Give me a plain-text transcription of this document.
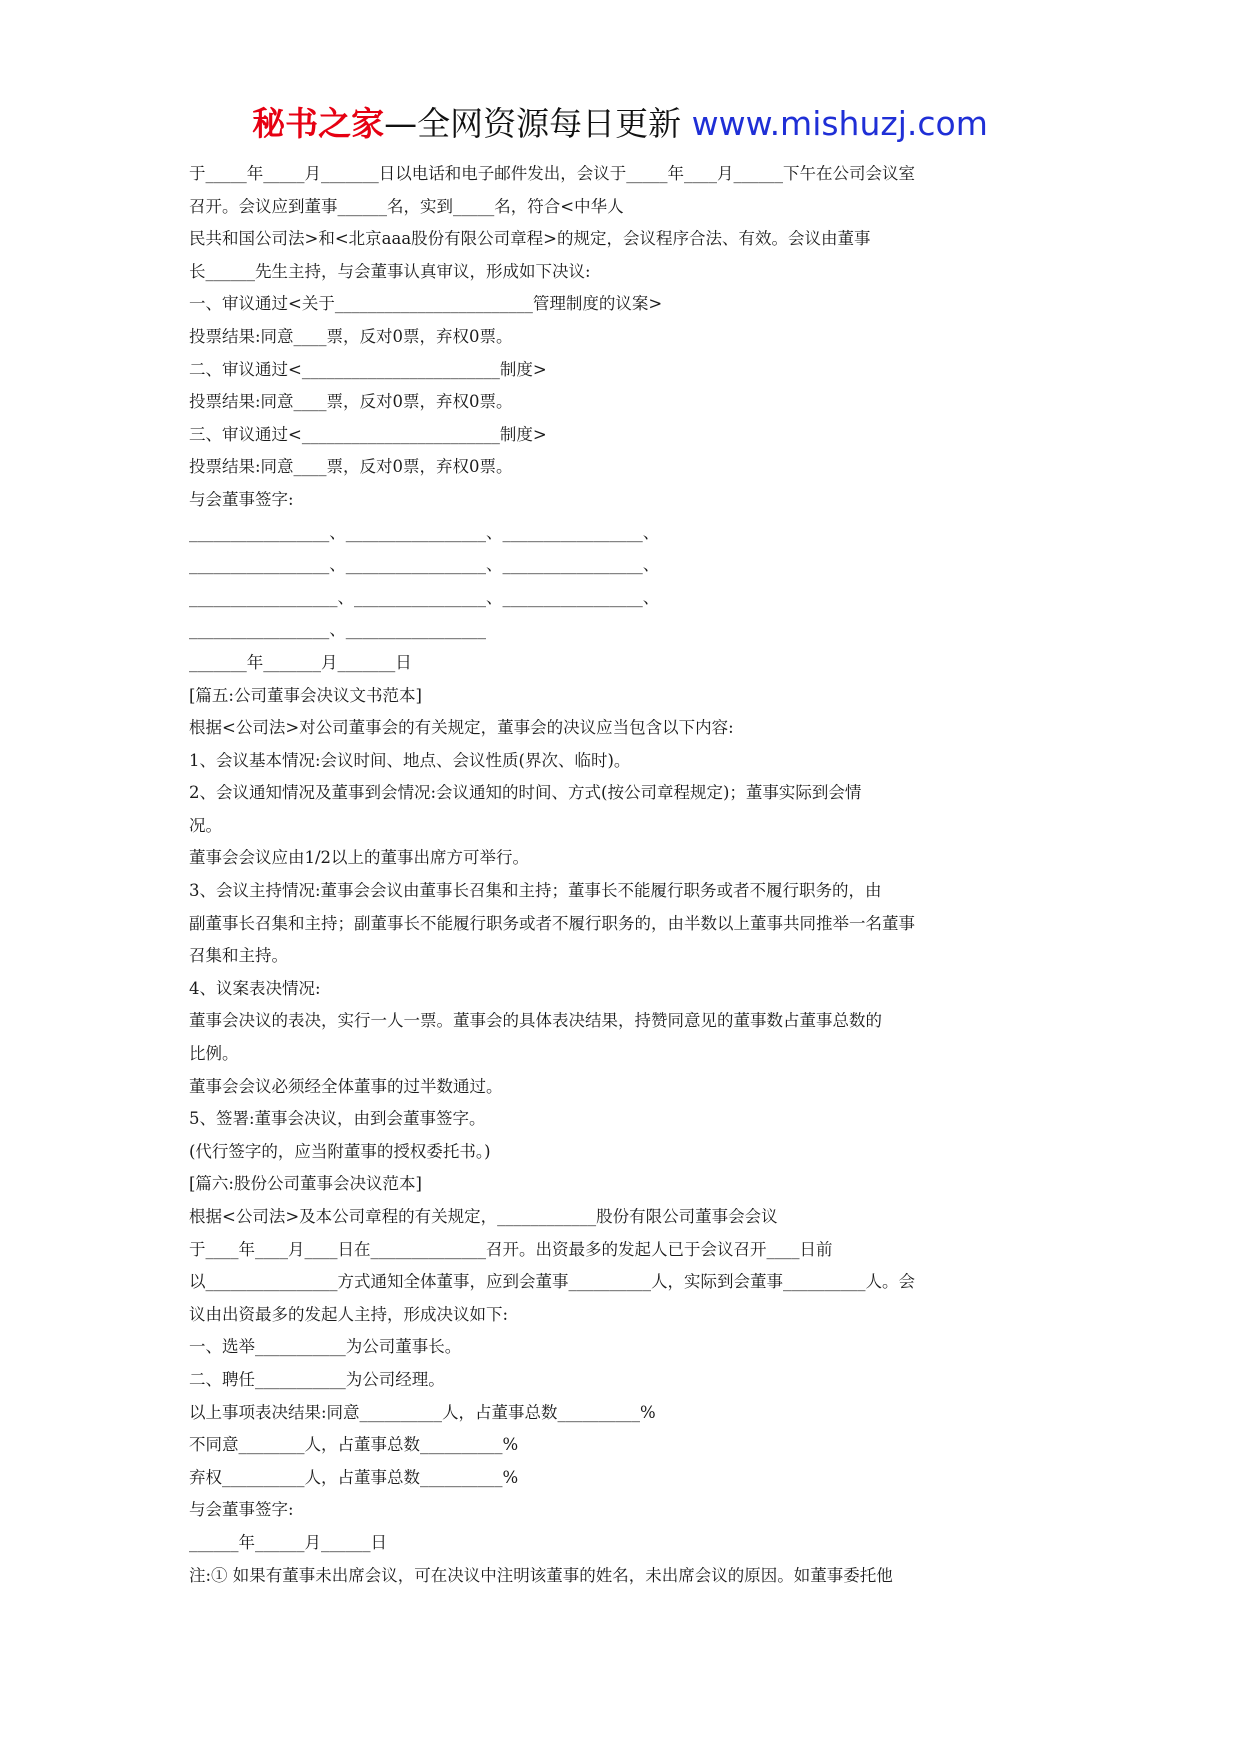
秘书之家—全网资源每日更新 www.mishuzj.com
于_____年_____月_______日以电话和电子邮件发出，会议于_____年____月______下午在公司会议室
召开。会议应到董事______名，实到_____名，符合<中华人
民共和国公司法>和<北京aaa股份有限公司章程>的规定，会议程序合法、有效。会议由董事
长______先生主持，与会董事认真审议，形成如下决议:
一、审议通过<关于________________________管理制度的议案>
投票结果:同意____票，反对0票，弃权0票。
二、审议通过<________________________制度>
投票结果:同意____票，反对0票，弃权0票。
三、审议通过<________________________制度>
投票结果:同意____票，反对0票，弃权0票。
与会董事签字:
_________________、_________________、_________________、
_________________、_________________、_________________、
__________________、________________、_________________、
_________________、_________________
_______年_______月_______日
[篇五:公司董事会决议文书范本]
根据<公司法>对公司董事会的有关规定，董事会的决议应当包含以下内容:
1、会议基本情况:会议时间、地点、会议性质(界次、临时)。
2、会议通知情况及董事到会情况:会议通知的时间、方式(按公司章程规定)；董事实际到会情
况。
董事会会议应由1/2以上的董事出席方可举行。
3、会议主持情况:董事会会议由董事长召集和主持；董事长不能履行职务或者不履行职务的，由
副董事长召集和主持；副董事长不能履行职务或者不履行职务的，由半数以上董事共同推举一名董事
召集和主持。
4、议案表决情况:
董事会决议的表决，实行一人一票。董事会的具体表决结果，持赞同意见的董事数占董事总数的
比例。
董事会会议必须经全体董事的过半数通过。
5、签署:董事会决议，由到会董事签字。
(代行签字的，应当附董事的授权委托书。)
[篇六:股份公司董事会决议范本]
根据<公司法>及本公司章程的有关规定，____________股份有限公司董事会会议
于____年____月____日在______________召开。出资最多的发起人已于会议召开____日前
以________________方式通知全体董事，应到会董事__________人，实际到会董事__________人。会
议由出资最多的发起人主持，形成决议如下:
一、选举___________为公司董事长。
二、聘任___________为公司经理。
以上事项表决结果:同意__________人，占董事总数__________%
不同意________人，占董事总数__________%
弃权__________人，占董事总数__________%
与会董事签字:
______年______月______日
注:① 如果有董事未出席会议，可在决议中注明该董事的姓名，未出席会议的原因。如董事委托他
